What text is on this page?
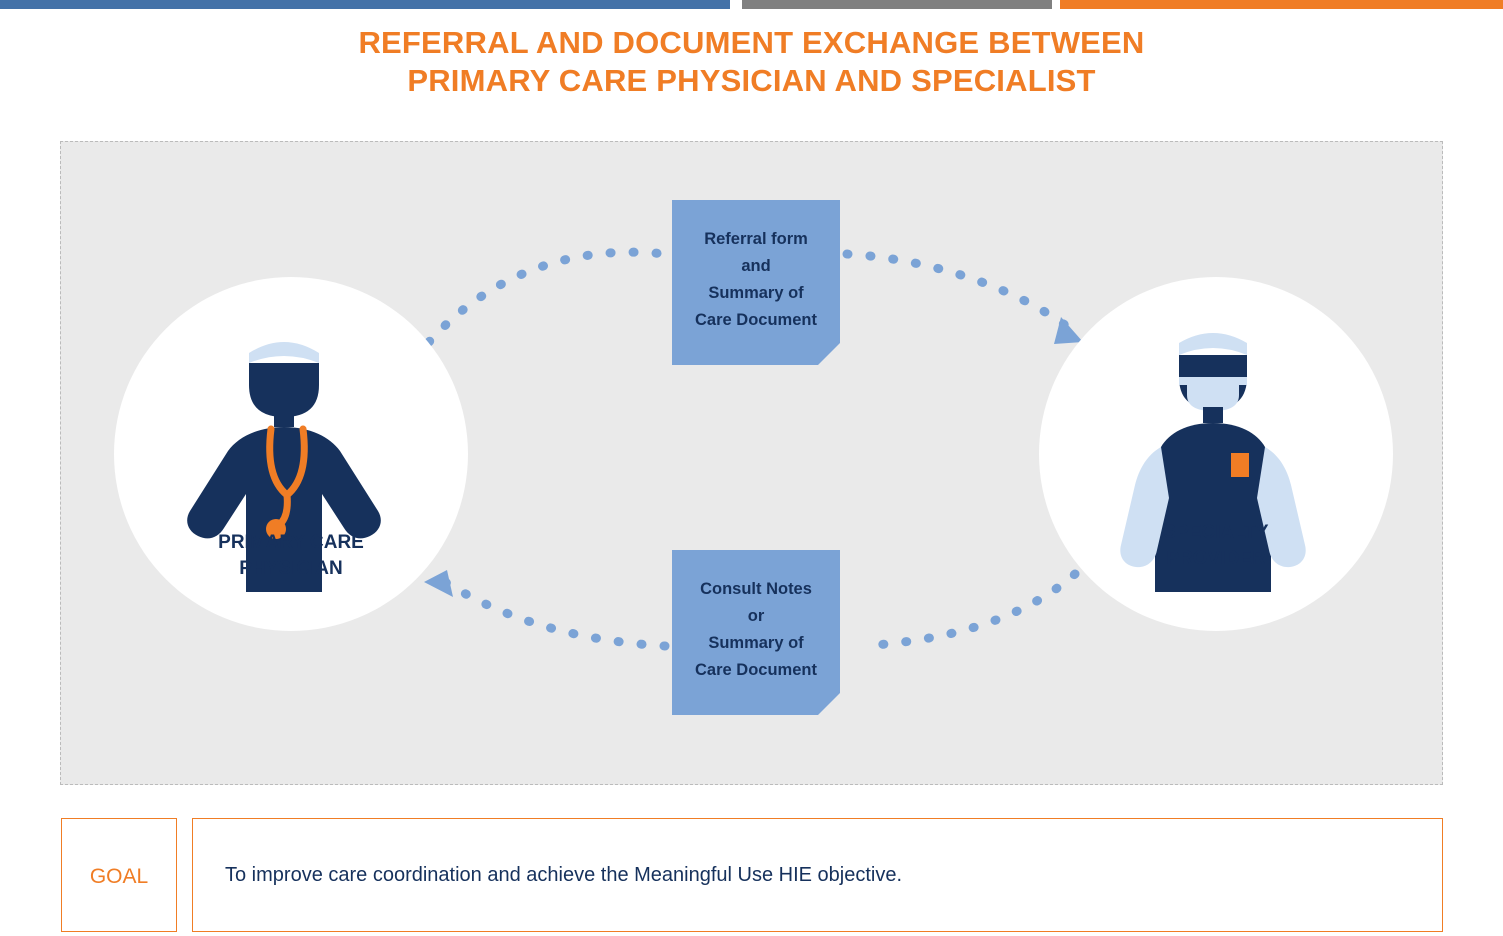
REFERRAL AND DOCUMENT EXCHANGE BETWEEN
PRIMARY CARE PHYSICIAN AND SPECIALIST
PRIMARY CARE
PHYSICIAN
SPECIALTY
PROVIDER
Referral form
and
Summary of
Care Document
Consult Notes
or
Summary of
Care Document
GOAL	To improve care coordination and achieve the Meaningful Use HIE objective.
